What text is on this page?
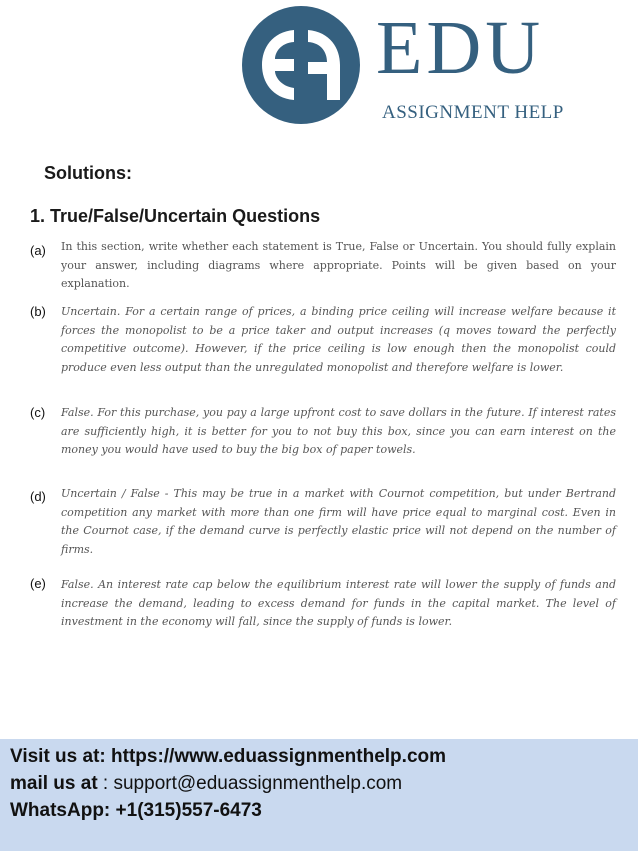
EDU
ASSIGNMENT HELP
Solutions:
1. True/False/Uncertain Questions
(a) In this section, write whether each statement is True, False or Uncertain. You should fully explain your answer, including diagrams where appropriate. Points will be given based on your explanation.
(b) Uncertain. For a certain range of prices, a binding price ceiling will increase welfare because it forces the monopolist to be a price taker and output increases (q moves toward the perfectly competitive outcome). However, if the price ceiling is low enough then the monopolist could produce even less output than the unregulated monopolist and therefore welfare is lower.
(c) False. For this purchase, you pay a large upfront cost to save dollars in the future. If interest rates are sufficiently high, it is better for you to not buy this box, since you can earn interest on the money you would have used to buy the big box of paper towels.
(d) Uncertain / False - This may be true in a market with Cournot competition, but under Bertrand competition any market with more than one firm will have price equal to marginal cost. Even in the Cournot case, if the demand curve is perfectly elastic price will not depend on the number of firms.
(e) False. An interest rate cap below the equilibrium interest rate will lower the supply of funds and increase the demand, leading to excess demand for funds in the capital market. The level of investment in the economy will fall, since the supply of funds is lower.
Visit us at: https://www.eduassignmenthelp.com
mail us at : support@eduassignmenthelp.com
WhatsApp: +1(315)557-6473
